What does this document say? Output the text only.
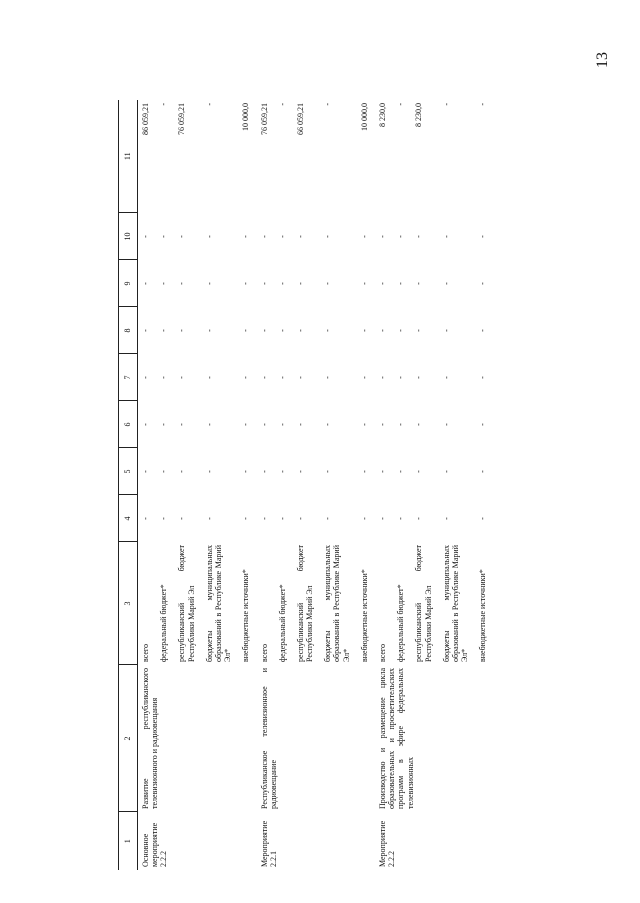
13
1	2	3	4	5	6	7	8	9	10	11
Основное мероприятие 2.2.2	Развитие республиканского телевизионного и радиовещания	всего	-	-	-	-	-	-	-	86 059,21
		федеральный бюджет*	-	-	-	-	-	-	-	-
		республиканский бюджет Республики Марий Эл	-	-	-	-	-	-	-	76 059,21
		бюджеты муниципальных образований в Республике Марий Эл*	-	-	-	-	-	-	-	-
		внебюджетные источники*	-	-	-	-	-	-	-	10 000,0
Мероприятие 2.2.1	Республиканское телевизионное и радиовещание	всего	-	-	-	-	-	-	-	76 059,21
		федеральный бюджет*	-	-	-	-	-	-	-	-
		республиканский бюджет Республики Марий Эл	-	-	-	-	-	-	-	66 059,21
		бюджеты муниципальных образований в Республике Марий Эл*	-	-	-	-	-	-	-	-
		внебюджетные источники*	-	-	-	-	-	-	-	10 000,0
Мероприятие 2.2.2	Производство и размещение цикла образовательных и просветительских программ в эфире федеральных телевизионных	всего	-	-	-	-	-	-	-	8 230,0
		федеральный бюджет*	-	-	-	-	-	-	-	-
		республиканский бюджет Республики Марий Эл	-	-	-	-	-	-	-	8 230,0
		бюджеты муниципальных образований в Республике Марий Эл*	-	-	-	-	-	-	-	-
		внебюджетные источники*	-	-	-	-	-	-	-	-
